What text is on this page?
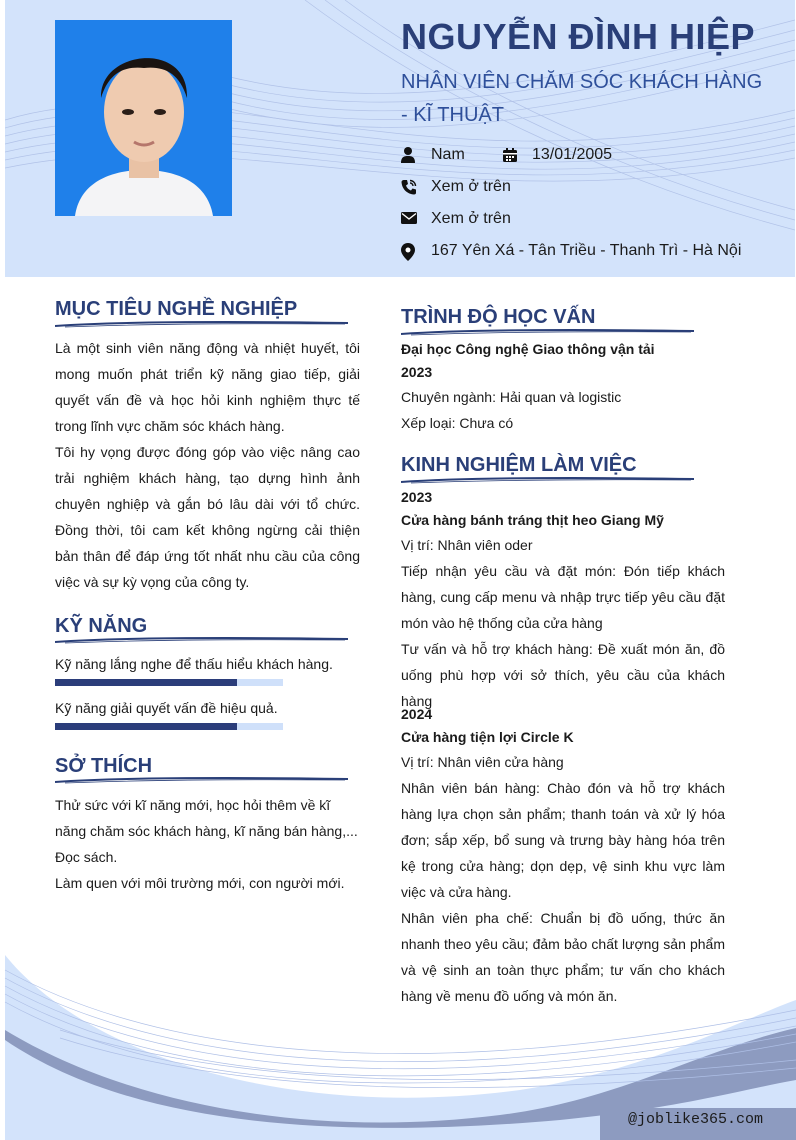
NGUYỄN ĐÌNH HIỆP
NHÂN VIÊN CHĂM SÓC KHÁCH HÀNG - KĨ THUẬT
Nam	13/01/2005
Xem ở trên
Xem ở trên
167 Yên Xá - Tân Triều - Thanh Trì - Hà Nội
MỤC TIÊU NGHỀ NGHIỆP

Là một sinh viên năng động và nhiệt huyết, tôi mong muốn phát triển kỹ năng giao tiếp, giải quyết vấn đề và học hỏi kinh nghiệm thực tế trong lĩnh vực chăm sóc khách hàng.

Tôi hy vọng được đóng góp vào việc nâng cao trải nghiệm khách hàng, tạo dựng hình ảnh chuyên nghiệp và gắn bó lâu dài với tổ chức. Đồng thời, tôi cam kết không ngừng cải thiện bản thân để đáp ứng tốt nhất nhu cầu của công việc và sự kỳ vọng của công ty.

KỸ NĂNG
Kỹ năng lắng nghe để thấu hiểu khách hàng.
Kỹ năng giải quyết vấn đề hiệu quả.
SỞ THÍCH

Thử sức với kĩ năng mới, học hỏi thêm về kĩ năng chăm sóc khách hàng, kĩ năng bán hàng,...

Đọc sách.

Làm quen với môi trường mới, con người mới.

TRÌNH ĐỘ HỌC VẤN
Đại học Công nghệ Giao thông vận tải
2023
Chuyên ngành: Hải quan và logistic
Xếp loại: Chưa có
KINH NGHIỆM LÀM VIỆC
2023
Cửa hàng bánh tráng thịt heo Giang Mỹ
Vị trí: Nhân viên oder
Tiếp nhận yêu cầu và đặt món: Đón tiếp khách hàng, cung cấp menu và nhập trực tiếp yêu cầu đặt món vào hệ thống của cửa hàng
Tư vấn và hỗ trợ khách hàng: Đề xuất món ăn, đồ uống phù hợp với sở thích, yêu cầu của khách hàng
2024
Cửa hàng tiện lợi Circle K
Vị trí: Nhân viên cửa hàng
Nhân viên bán hàng: Chào đón và hỗ trợ khách hàng lựa chọn sản phẩm; thanh toán và xử lý hóa đơn; sắp xếp, bổ sung và trưng bày hàng hóa trên kệ trong cửa hàng; dọn dẹp, vệ sinh khu vực làm việc và cửa hàng.
Nhân viên pha chế: Chuẩn bị đồ uống, thức ăn nhanh theo yêu cầu; đảm bảo chất lượng sản phẩm và vệ sinh an toàn thực phẩm; tư vấn cho khách hàng về menu đồ uống và món ăn.
@joblike365.com
